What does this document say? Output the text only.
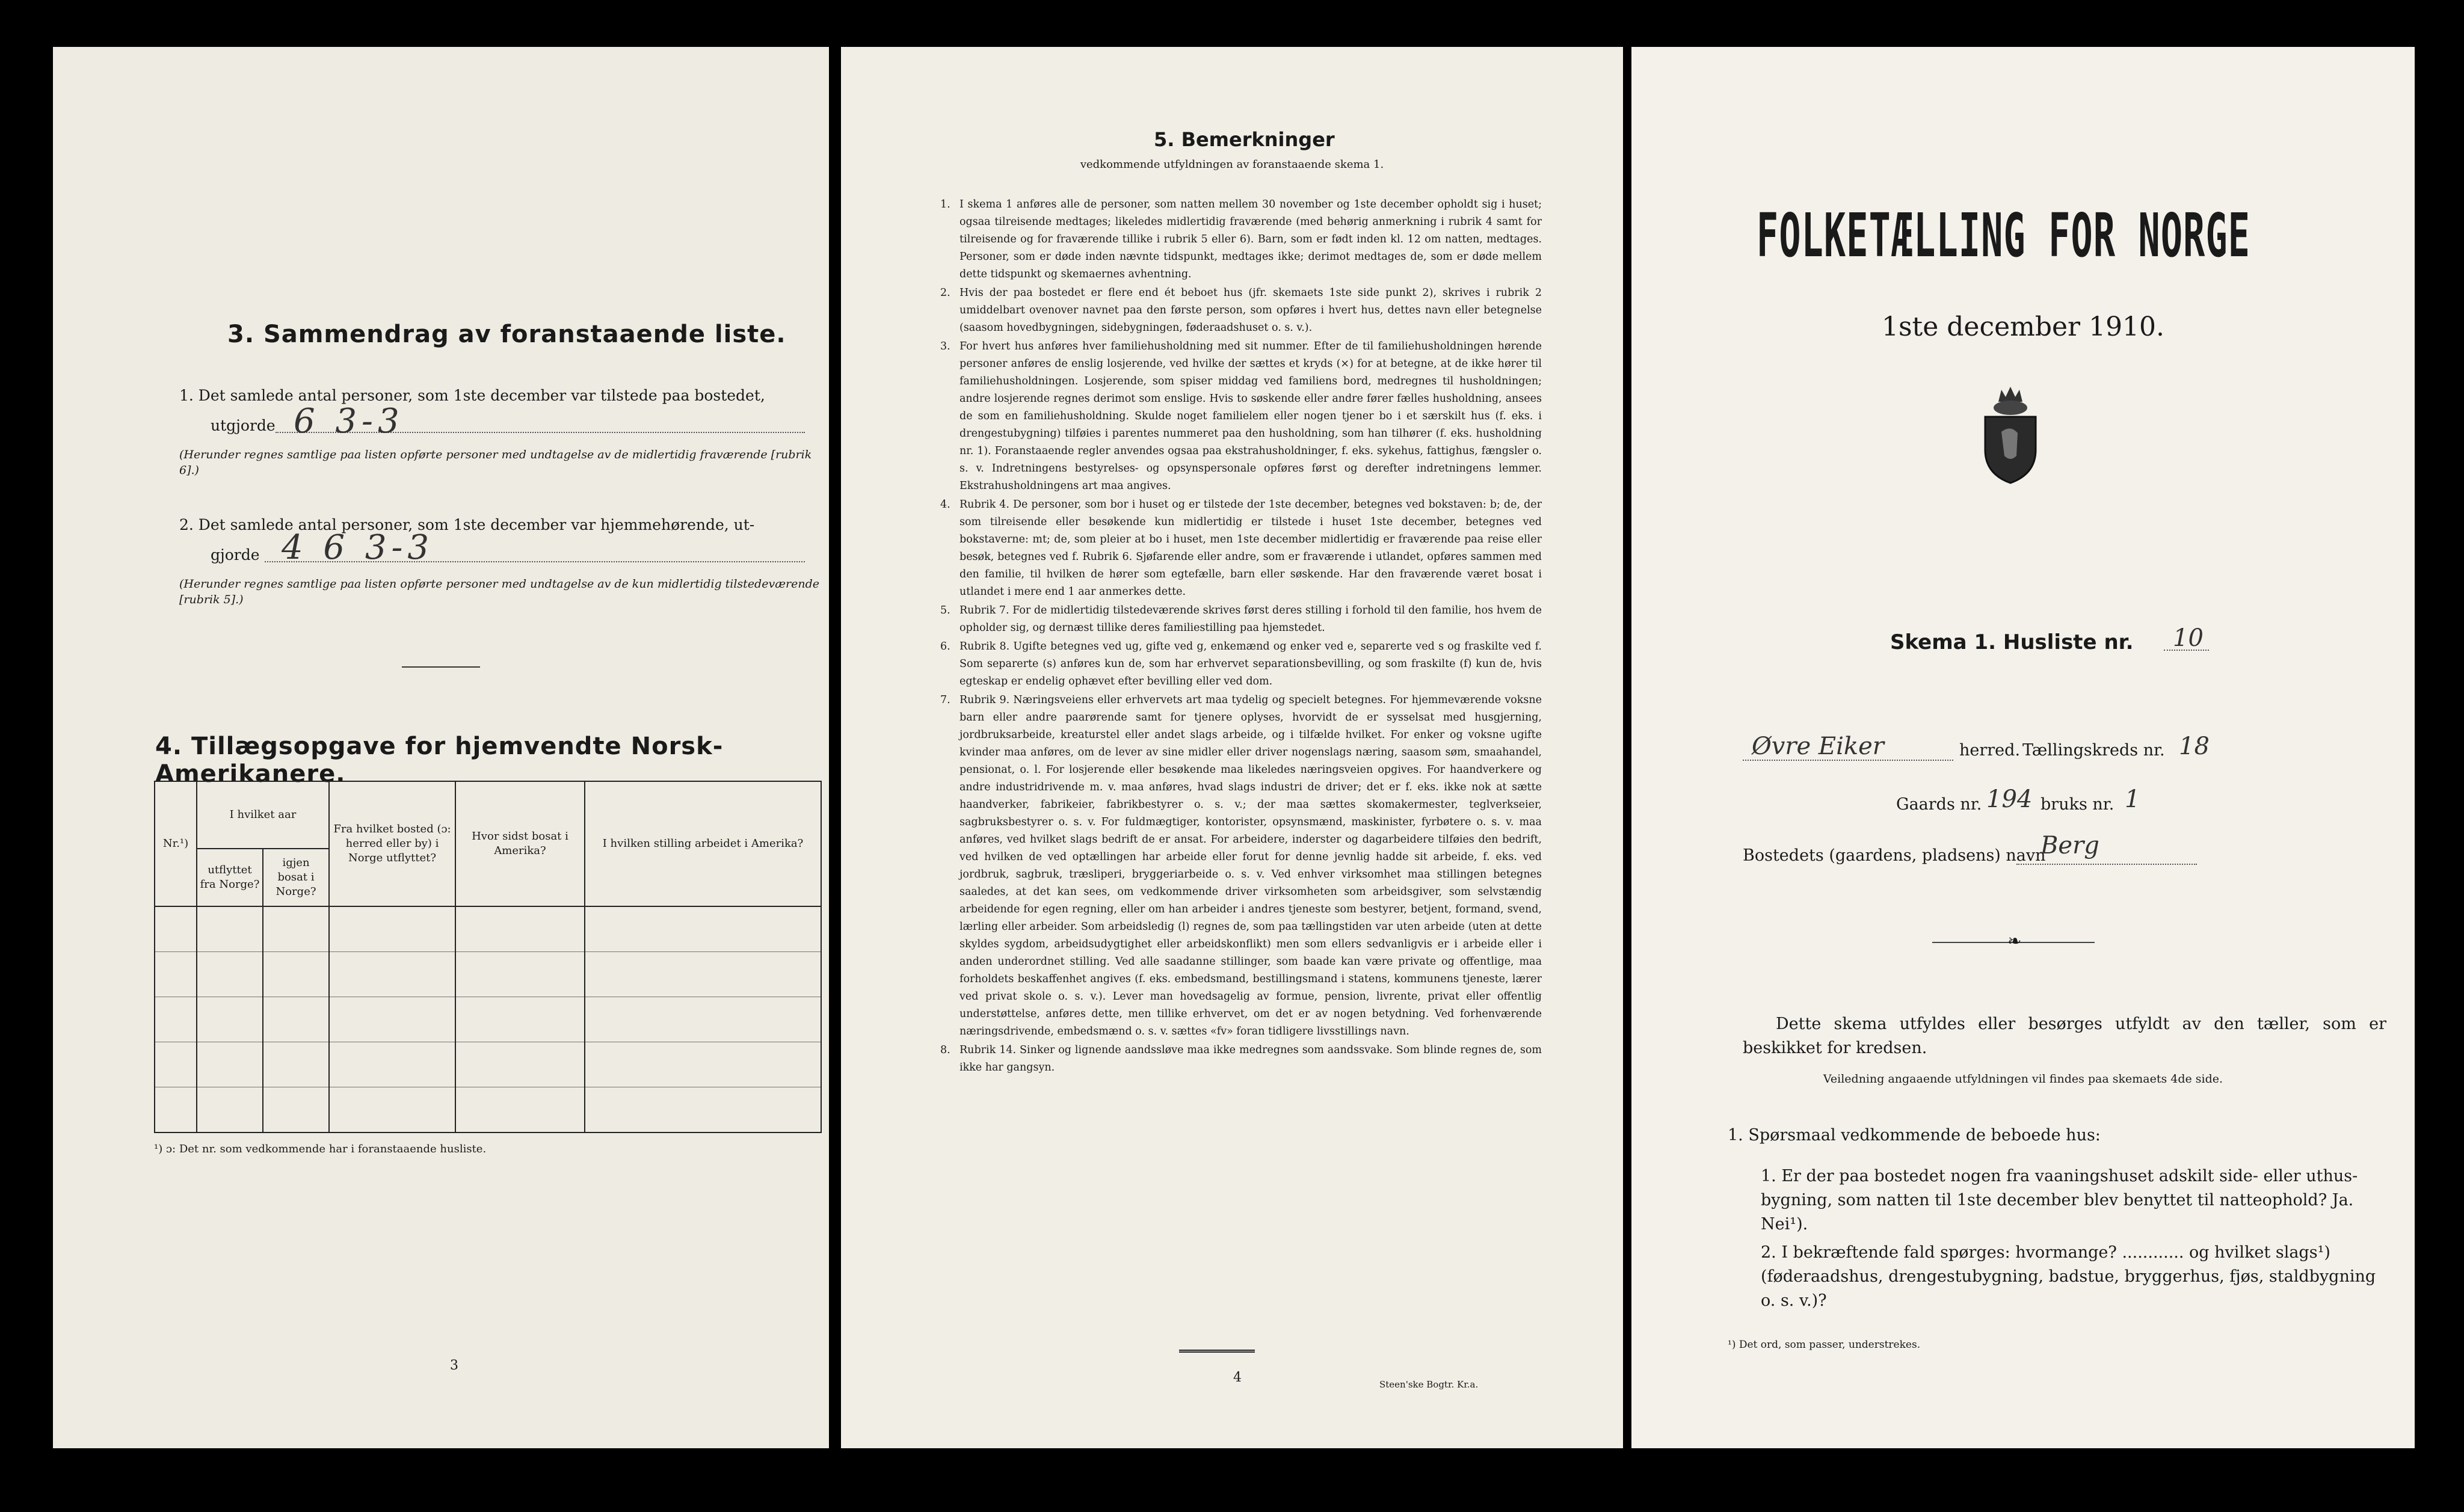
3. Sammendrag av foranstaaende liste.
1. Det samlede antal personer, som 1ste december var tilstede paa bostedet,
utgjorde 6 3-3
(Herunder regnes samtlige paa listen opførte personer med undtagelse av de midlertidig fraværende [rubrik 6].)
2. Det samlede antal personer, som 1ste december var hjemmehørende, ut-
gjorde 4 6 3-3
(Herunder regnes samtlige paa listen opførte personer med undtagelse av de kun midlertidig tilstedeværende [rubrik 5].)
4. Tillægsopgave for hjemvendte Norsk-Amerikanere.
Nr.¹)	I hvilket aar		Fra hvilket bosted (ɔ: herred eller by) i Norge utflyttet?	Hvor sidst bosat i Amerika?	I hvilken stilling arbeidet i Amerika?
	utflyttet fra Norge?	igjen bosat i Norge?			

¹) ɔ: Det nr. som vedkommende har i foranstaaende husliste.
3
5. Bemerkninger
vedkommende utfyldningen av foranstaaende skema 1.
1. I skema 1 anføres alle de personer, som natten mellem 30 november og 1ste december opholdt sig i huset; ogsaa tilreisende medtages; likeledes midlertidig fraværende (med behørig anmerkning i rubrik 4 samt for tilreisende og for fraværende tillike i rubrik 5 eller 6). Barn, som er født inden kl. 12 om natten, medtages. Personer, som er døde inden nævnte tidspunkt, medtages ikke; derimot medtages de, som er døde mellem dette tidspunkt og skemaernes avhentning.
2. Hvis der paa bostedet er flere end ét beboet hus (jfr. skemaets 1ste side punkt 2), skrives i rubrik 2 umiddelbart ovenover navnet paa den første person, som opføres i hvert hus, dettes navn eller betegnelse (saasom hovedbygningen, sidebygningen, føderaadshuset o. s. v.).
3. For hvert hus anføres hver familiehusholdning med sit nummer. Efter de til familiehusholdningen hørende personer anføres de enslig losjerende, ved hvilke der sættes et kryds (×) for at betegne, at de ikke hører til familiehusholdningen. Losjerende, som spiser middag ved familiens bord, medregnes til husholdningen; andre losjerende regnes derimot som enslige. Hvis to søskende eller andre fører fælles husholdning, ansees de som en familiehusholdning. Skulde noget familielem eller nogen tjener bo i et særskilt hus (f. eks. i drengestubygning) tilføies i parentes nummeret paa den husholdning, som han tilhører (f. eks. husholdning nr. 1). Foranstaaende regler anvendes ogsaa paa ekstrahusholdninger, f. eks. sykehus, fattighus, fængsler o. s. v. Indretningens bestyrelses- og opsynspersonale opføres først og derefter indretningens lemmer. Ekstrahusholdningens art maa angives.
4. Rubrik 4. De personer, som bor i huset og er tilstede der 1ste december, betegnes ved bokstaven: b; de, der som tilreisende eller besøkende kun midlertidig er tilstede i huset 1ste december, betegnes ved bokstaverne: mt; de, som pleier at bo i huset, men 1ste december midlertidig er fraværende paa reise eller besøk, betegnes ved f. Rubrik 6. Sjøfarende eller andre, som er fraværende i utlandet, opføres sammen med den familie, til hvilken de hører som egtefælle, barn eller søskende. Har den fraværende været bosat i utlandet i mere end 1 aar anmerkes dette.
5. Rubrik 7. For de midlertidig tilstedeværende skrives først deres stilling i forhold til den familie, hos hvem de opholder sig, og dernæst tillike deres familiestilling paa hjemstedet.
6. Rubrik 8. Ugifte betegnes ved ug, gifte ved g, enkemænd og enker ved e, separerte ved s og fraskilte ved f. Som separerte (s) anføres kun de, som har erhvervet separationsbevilling, og som fraskilte (f) kun de, hvis egteskap er endelig ophævet efter bevilling eller ved dom.
7. Rubrik 9. Næringsveiens eller erhvervets art maa tydelig og specielt betegnes. For hjemmeværende voksne barn eller andre paarørende samt for tjenere oplyses, hvorvidt de er sysselsat med husgjerning, jordbruksarbeide, kreaturstel eller andet slags arbeide, og i tilfælde hvilket. For enker og voksne ugifte kvinder maa anføres, om de lever av sine midler eller driver nogenslags næring, saasom søm, smaahandel, pensionat, o. l. For losjerende eller besøkende maa likeledes næringsveien opgives. For haandverkere og andre industridrivende m. v. maa anføres, hvad slags industri de driver; det er f. eks. ikke nok at sætte haandverker, fabrikeier, fabrikbestyrer o. s. v.; der maa sættes skomakermester, teglverkseier, sagbruksbestyrer o. s. v. For fuldmægtiger, kontorister, opsynsmænd, maskinister, fyrbøtere o. s. v. maa anføres, ved hvilket slags bedrift de er ansat. For arbeidere, inderster og dagarbeidere tilføies den bedrift, ved hvilken de ved optællingen har arbeide eller forut for denne jevnlig hadde sit arbeide, f. eks. ved jordbruk, sagbruk, træsliperi, bryggeriarbeide o. s. v. Ved enhver virksomhet maa stillingen betegnes saaledes, at det kan sees, om vedkommende driver virksomheten som arbeidsgiver, som selvstændig arbeidende for egen regning, eller om han arbeider i andres tjeneste som bestyrer, betjent, formand, svend, lærling eller arbeider. Som arbeidsledig (l) regnes de, som paa tællingstiden var uten arbeide (uten at dette skyldes sygdom, arbeidsudygtighet eller arbeidskonflikt) men som ellers sedvanligvis er i arbeide eller i anden underordnet stilling. Ved alle saadanne stillinger, som baade kan være private og offentlige, maa forholdets beskaffenhet angives (f. eks. embedsmand, bestillingsmand i statens, kommunens tjeneste, lærer ved privat skole o. s. v.). Lever man hovedsagelig av formue, pension, livrente, privat eller offentlig understøttelse, anføres dette, men tillike erhvervet, om det er av nogen betydning. Ved forhenværende næringsdrivende, embedsmænd o. s. v. sættes «fv» foran tidligere livsstillings navn.
8. Rubrik 14. Sinker og lignende aandssløve maa ikke medregnes som aandssvake. Som blinde regnes de, som ikke har gangsyn.
4	Steen'ske Bogtr. Kr.a.
FOLKETÆLLING FOR NORGE
1ste december 1910.
Skema 1. Husliste nr. 10
Øvre Eiker	herred. Tællingskreds nr. 18
Gaards nr. 194 bruks nr. 1
Bostedets (gaardens, pladsens) navn
Berg
❧
Dette skema utfyldes eller besørges utfyldt av den tæller, som er beskikket for kredsen.
Veiledning angaaende utfyldningen vil findes paa skemaets 4de side.
1. Spørsmaal vedkommende de beboede hus:
1. Er der paa bostedet nogen fra vaaningshuset adskilt side- eller uthus-bygning, som natten til 1ste december blev benyttet til natteophold? Ja. Nei¹).
2. I bekræftende fald spørges: hvormange? ............ og hvilket slags¹) (føderaadshus, drengestubygning, badstue, bryggerhus, fjøs, staldbygning o. s. v.)?
¹) Det ord, som passer, understrekes.
